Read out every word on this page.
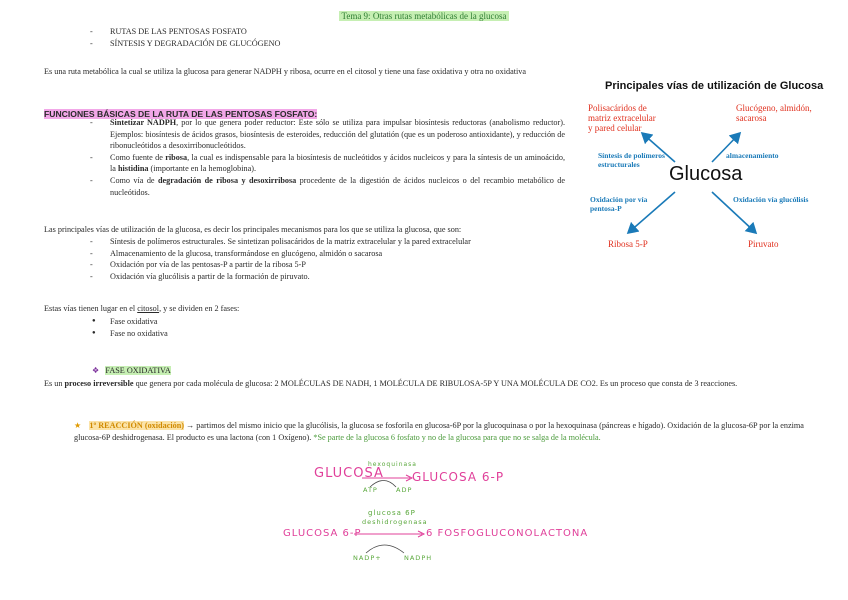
Tema 9: Otras rutas metabólicas de la glucosa
- RUTAS DE LAS PENTOSAS FOSFATO
- SÍNTESIS Y DEGRADACIÓN DE GLUCÓGENO
Es una ruta metabólica la cual se utiliza la glucosa para generar NADPH y ribosa, ocurre en el citosol y tiene una fase oxidativa y otra no oxidativa
FUNCIONES BÁSICAS DE LA RUTA DE LAS PENTOSAS FOSFATO:
- Sintetizar NADPH, por lo que genera poder reductor: Este sólo se utiliza para impulsar biosíntesis reductoras (anabolismo reductor). Ejemplos: biosíntesis de ácidos grasos, biosíntesis de esteroides, reducción del glutatión (que es un poderoso antioxidante), y reducción de ribonucleótidos a desoxirribonucleótidos.
- Como fuente de ribosa, la cual es indispensable para la biosíntesis de nucleótidos y ácidos nucleicos y para la síntesis de un aminoácido, la histidina (importante en la hemoglobina).
- Como vía de degradación de ribosa y desoxirribosa procedente de la digestión de ácidos nucleicos o del recambio metabólico de nucleótidos.
Las principales vías de utilización de la glucosa, es decir los principales mecanismos para los que se utiliza la glucosa, que son:
- Síntesis de polímeros estructurales. Se sintetizan polisacáridos de la matriz extracelular y la pared extracelular
- Almacenamiento de la glucosa, transformándose en glucógeno, almidón o sacarosa
- Oxidación por vía de las pentosas-P a partir de la ribosa 5-P
- Oxidación vía glucólisis a partir de la formación de piruvato.
Estas vías tienen lugar en el citosol, y se dividen en 2 fases:
● Fase oxidativa
● Fase no oxidativa
❖ FASE OXIDATIVA
Es un proceso irreversible que genera por cada molécula de glucosa: 2 MOLÉCULAS DE NADH, 1 MOLÉCULA DE RIBULOSA-5P Y UNA MOLÉCULA DE CO2. Es un proceso que consta de 3 reacciones.
★ 1º REACCIÓN (oxidación) → partimos del mismo inicio que la glucólisis, la glucosa se fosforila en glucosa-6P por la glucoquinasa o por la hexoquinasa (páncreas e hígado). Oxidación de la glucosa-6P por la enzima glucosa-6P deshidrogenasa. El producto es una lactona (con 1 Oxígeno). *Se parte de la glucosa 6 fosfato y no de la glucosa para que no se salga de la molécula.
GLUCOSA GLUCOSA 6-P
hexoquinasa
ATP	ADP
GLUCOSA 6-P	6 FOSFOGLUCONOLACTONA
glucosa 6P
deshidrogenasa
NADP+	NADPH
Principales vías de utilización de Glucosa
Polisacáridos de
matriz extracelular
y pared celular
Glucógeno, almidón,
sacarosa
Síntesis de polímeros
estructurales
almacenamiento
Glucosa
Oxidación por vía
pentosa-P
Oxidación vía glucólisis
Ribosa 5-P	Piruvato
